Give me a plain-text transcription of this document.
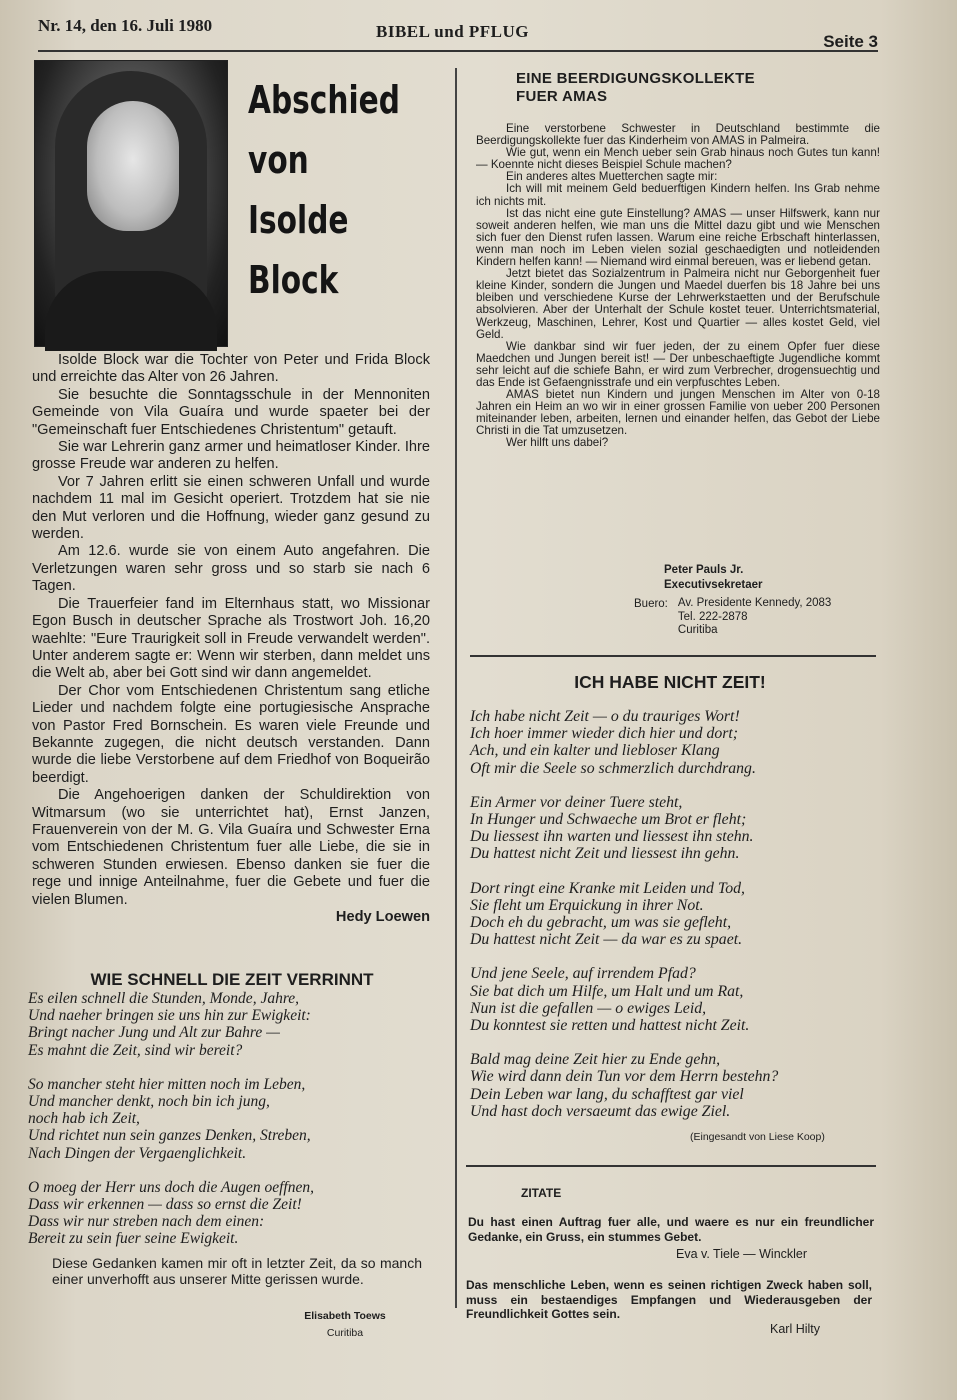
Nr. 14, den 16. Juli 1980	BIBEL und PFLUG
Seite 3
Abschied
von
Isolde
Block

Isolde Block war die Tochter von Peter und Frida Block und erreichte das Alter von 26 Jahren.

Sie besuchte die Sonntagsschule in der Mennoniten Gemeinde von Vila Guaíra und wurde spaeter bei der "Gemeinschaft fuer Entschiedenes Christentum" getauft.

Sie war Lehrerin ganz armer und heimatloser Kinder. Ihre grosse Freude war anderen zu helfen.

Vor 7 Jahren erlitt sie einen schweren Unfall und wurde nachdem 11 mal im Gesicht operiert. Trotzdem hat sie nie den Mut verloren und die Hoffnung, wieder ganz gesund zu werden.

Am 12.6. wurde sie von einem Auto angefahren. Die Verletzungen waren sehr gross und so starb sie nach 6 Tagen.

Die Trauerfeier fand im Elternhaus statt, wo Missionar Egon Busch in deutscher Sprache als Trostwort Joh. 16,20 waehlte: "Eure Traurigkeit soll in Freude verwandelt werden". Unter anderem sagte er: Wenn wir sterben, dann meldet uns die Welt ab, aber bei Gott sind wir dann angemeldet.

Der Chor vom Entschiedenen Christentum sang etliche Lieder und nachdem folgte eine portugiesische Ansprache von Pastor Fred Bornschein. Es waren viele Freunde und Bekannte zugegen, die nicht deutsch verstanden. Dann wurde die liebe Verstorbene auf dem Friedhof von Boqueirão beerdigt.

Die Angehoerigen danken der Schuldirektion von Witmarsum (wo sie unterrichtet hat), Ernst Janzen, Frauenverein von der M. G. Vila Guaíra und Schwester Erna vom Entschiedenen Christentum fuer alle Liebe, die sie in schweren Stunden erwiesen. Ebenso danken sie fuer die rege und innige Anteilnahme, fuer die Gebete und fuer die vielen Blumen.

Hedy Loewen
WIE SCHNELL DIE ZEIT VERRINNT
Es eilen schnell die Stunden, Monde, Jahre,
Und naeher bringen sie uns hin zur Ewigkeit:
Bringt nacher Jung und Alt zur Bahre —
Es mahnt die Zeit, sind wir bereit?
So mancher steht hier mitten noch im Leben,
Und mancher denkt, noch bin ich jung,
noch hab ich Zeit,
Und richtet nun sein ganzes Denken, Streben,
Nach Dingen der Vergaenglichkeit.
O moeg der Herr uns doch die Augen oeffnen,
Dass wir erkennen — dass so ernst die Zeit!
Dass wir nur streben nach dem einen:
Bereit zu sein fuer seine Ewigkeit.
Diese Gedanken kamen mir oft in letzter Zeit, da so manch einer unverhofft aus unserer Mitte gerissen wurde.
Elisabeth Toews
Curitiba
EINE BEERDIGUNGSKOLLEKTE
FUER AMAS

Eine verstorbene Schwester in Deutschland bestimmte die Beerdigungskollekte fuer das Kinderheim von AMAS in Palmeira.

Wie gut, wenn ein Mench ueber sein Grab hinaus noch Gutes tun kann! — Koennte nicht dieses Beispiel Schule machen?

Ein anderes altes Muetterchen sagte mir:

Ich will mit meinem Geld beduerftigen Kindern helfen. Ins Grab nehme ich nichts mit.

Ist das nicht eine gute Einstellung? AMAS — unser Hilfswerk, kann nur soweit anderen helfen, wie man uns die Mittel dazu gibt und wie Menschen sich fuer den Dienst rufen lassen. Warum eine reiche Erbschaft hinterlassen, wenn man noch im Leben vielen sozial geschaedigten und notleidenden Kindern helfen kann! — Niemand wird einmal bereuen, was er liebend getan.

Jetzt bietet das Sozialzentrum in Palmeira nicht nur Geborgenheit fuer kleine Kinder, sondern die Jungen und Maedel duerfen bis 18 Jahre bei uns bleiben und verschiedene Kurse der Lehrwerkstaetten und der Berufschule absolvieren. Aber der Unterhalt der Schule kostet teuer. Unterrichtsmaterial, Werkzeug, Maschinen, Lehrer, Kost und Quartier — alles kostet Geld, viel Geld.

Wie dankbar sind wir fuer jeden, der zu einem Opfer fuer diese Maedchen und Jungen bereit ist! — Der unbeschaeftigte Jugendliche kommt sehr leicht auf die schiefe Bahn, er wird zum Verbrecher, drogensuechtig und das Ende ist Gefaengnisstrafe und ein verpfuschtes Leben.

AMAS bietet nun Kindern und jungen Menschen im Alter von 0-18 Jahren ein Heim an wo wir in einer grossen Familie von ueber 200 Personen miteinander leben, arbeiten, lernen und einander helfen, das Gebot der Liebe Christi in die Tat umzusetzen.

Wer hilft uns dabei?

Peter Pauls Jr.
Executivsekretaer
Buero: Av. Presidente Kennedy, 2083
Tel. 222-2878
Curitiba
ICH HABE NICHT ZEIT!
Ich habe nicht Zeit — o du trauriges Wort!
Ich hoer immer wieder dich hier und dort;
Ach, und ein kalter und liebloser Klang
Oft mir die Seele so schmerzlich durchdrang.
Ein Armer vor deiner Tuere steht,
In Hunger und Schwaeche um Brot er fleht;
Du liessest ihn warten und liessest ihn stehn.
Du hattest nicht Zeit und liessest ihn gehn.
Dort ringt eine Kranke mit Leiden und Tod,
Sie fleht um Erquickung in ihrer Not.
Doch eh du gebracht, um was sie gefleht,
Du hattest nicht Zeit — da war es zu spaet.
Und jene Seele, auf irrendem Pfad?
Sie bat dich um Hilfe, um Halt und um Rat,
Nun ist die gefallen — o ewiges Leid,
Du konntest sie retten und hattest nicht Zeit.
Bald mag deine Zeit hier zu Ende gehn,
Wie wird dann dein Tun vor dem Herrn bestehn?
Dein Leben war lang, du schafftest gar viel
Und hast doch versaeumt das ewige Ziel.
(Eingesandt von Liese Koop)
ZITATE
Du hast einen Auftrag fuer alle, und waere es nur ein freundlicher Gedanke, ein Gruss, ein stummes Gebet.
Eva v. Tiele — Winckler
Das menschliche Leben, wenn es seinen richtigen Zweck haben soll, muss ein bestaendiges Empfangen und Wiederausgeben der Freundlichkeit Gottes sein.
Karl Hilty
